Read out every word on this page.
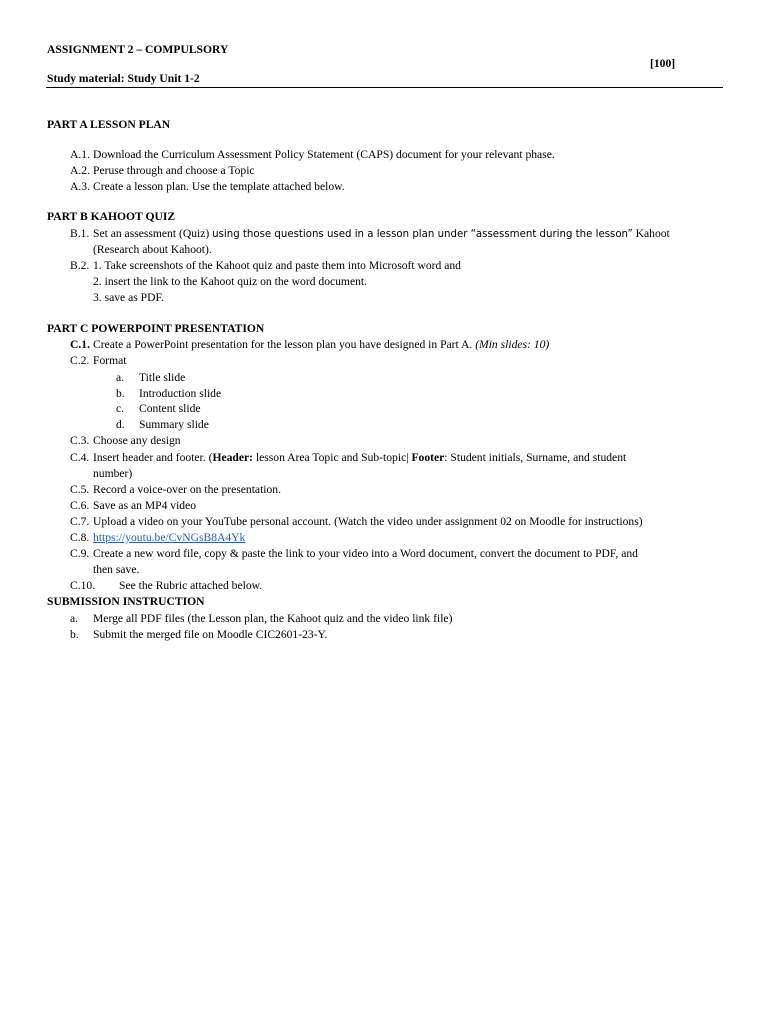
ASSIGNMENT 2 – COMPULSORY
[100]
Study material: Study Unit 1-2
PART A LESSON PLAN
A.1. Download the Curriculum Assessment Policy Statement (CAPS) document for your relevant phase.
A.2. Peruse through and choose a Topic
A.3. Create a lesson plan. Use the template attached below.
PART B KAHOOT QUIZ
B.1. Set an assessment (Quiz) using those questions used in a lesson plan under “assessment during the lesson” Kahoot
(Research about Kahoot).
B.2. 1. Take screenshots of the Kahoot quiz and paste them into Microsoft word and
2. insert the link to the Kahoot quiz on the word document.
3. save as PDF.
PART C POWERPOINT PRESENTATION
C.1. Create a PowerPoint presentation for the lesson plan you have designed in Part A. (Min slides: 10)
C.2. Format
a. Title slide
b. Introduction slide
c. Content slide
d. Summary slide
C.3. Choose any design
C.4. Insert header and footer. (Header: lesson Area Topic and Sub-topic| Footer: Student initials, Surname, and student
number)
C.5. Record a voice-over on the presentation.
C.6. Save as an MP4 video
C.7. Upload a video on your YouTube personal account. (Watch the video under assignment 02 on Moodle for instructions)
C.8. https://youtu.be/CvNGsB8A4Yk
C.9. Create a new word file, copy & paste the link to your video into a Word document, convert the document to PDF, and
then save.
C.10. See the Rubric attached below.
SUBMISSION INSTRUCTION
a. Merge all PDF files (the Lesson plan, the Kahoot quiz and the video link file)
b. Submit the merged file on Moodle CIC2601-23-Y.
